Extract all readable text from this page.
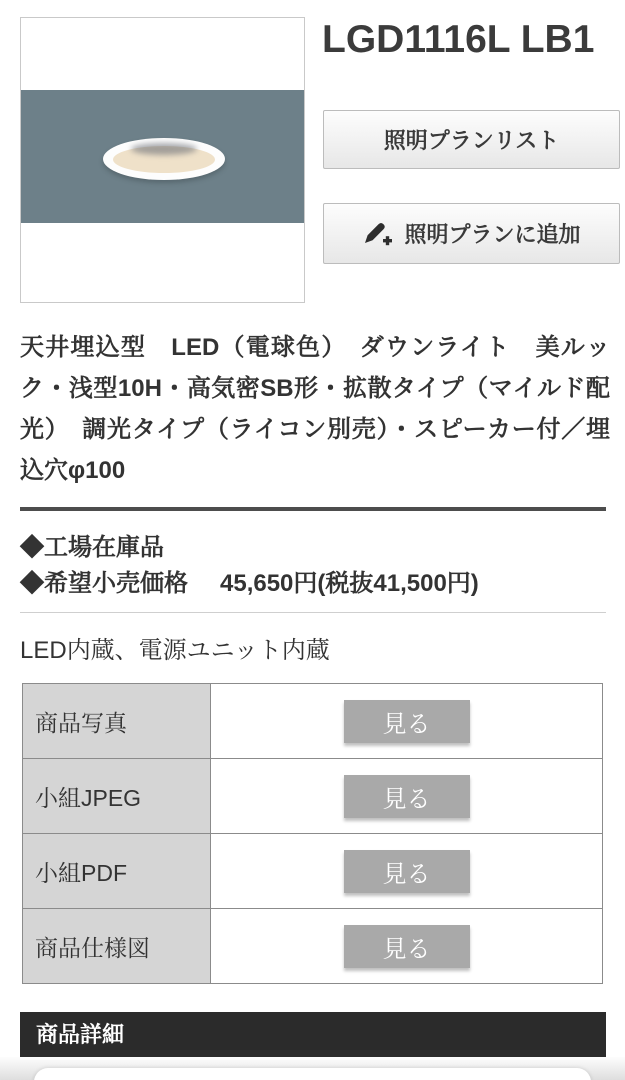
LGD1116L LB1
照明プランリスト
照明プランに追加

天井埋込型　LED（電球色）　ダウンライト　美ルック・浅型10H・高気密SB形・拡散タイプ（マイルド配光）　調光タイプ（ライコン別売）・スピーカー付／埋込穴φ100

◆工場在庫品

◆希望小売価格 45,650円(税抜41,500円)

LED内蔵、電源ユニット内蔵

商品写真	見る
小組JPEG	見る
小組PDF	見る
商品仕様図	見る
商品詳細
